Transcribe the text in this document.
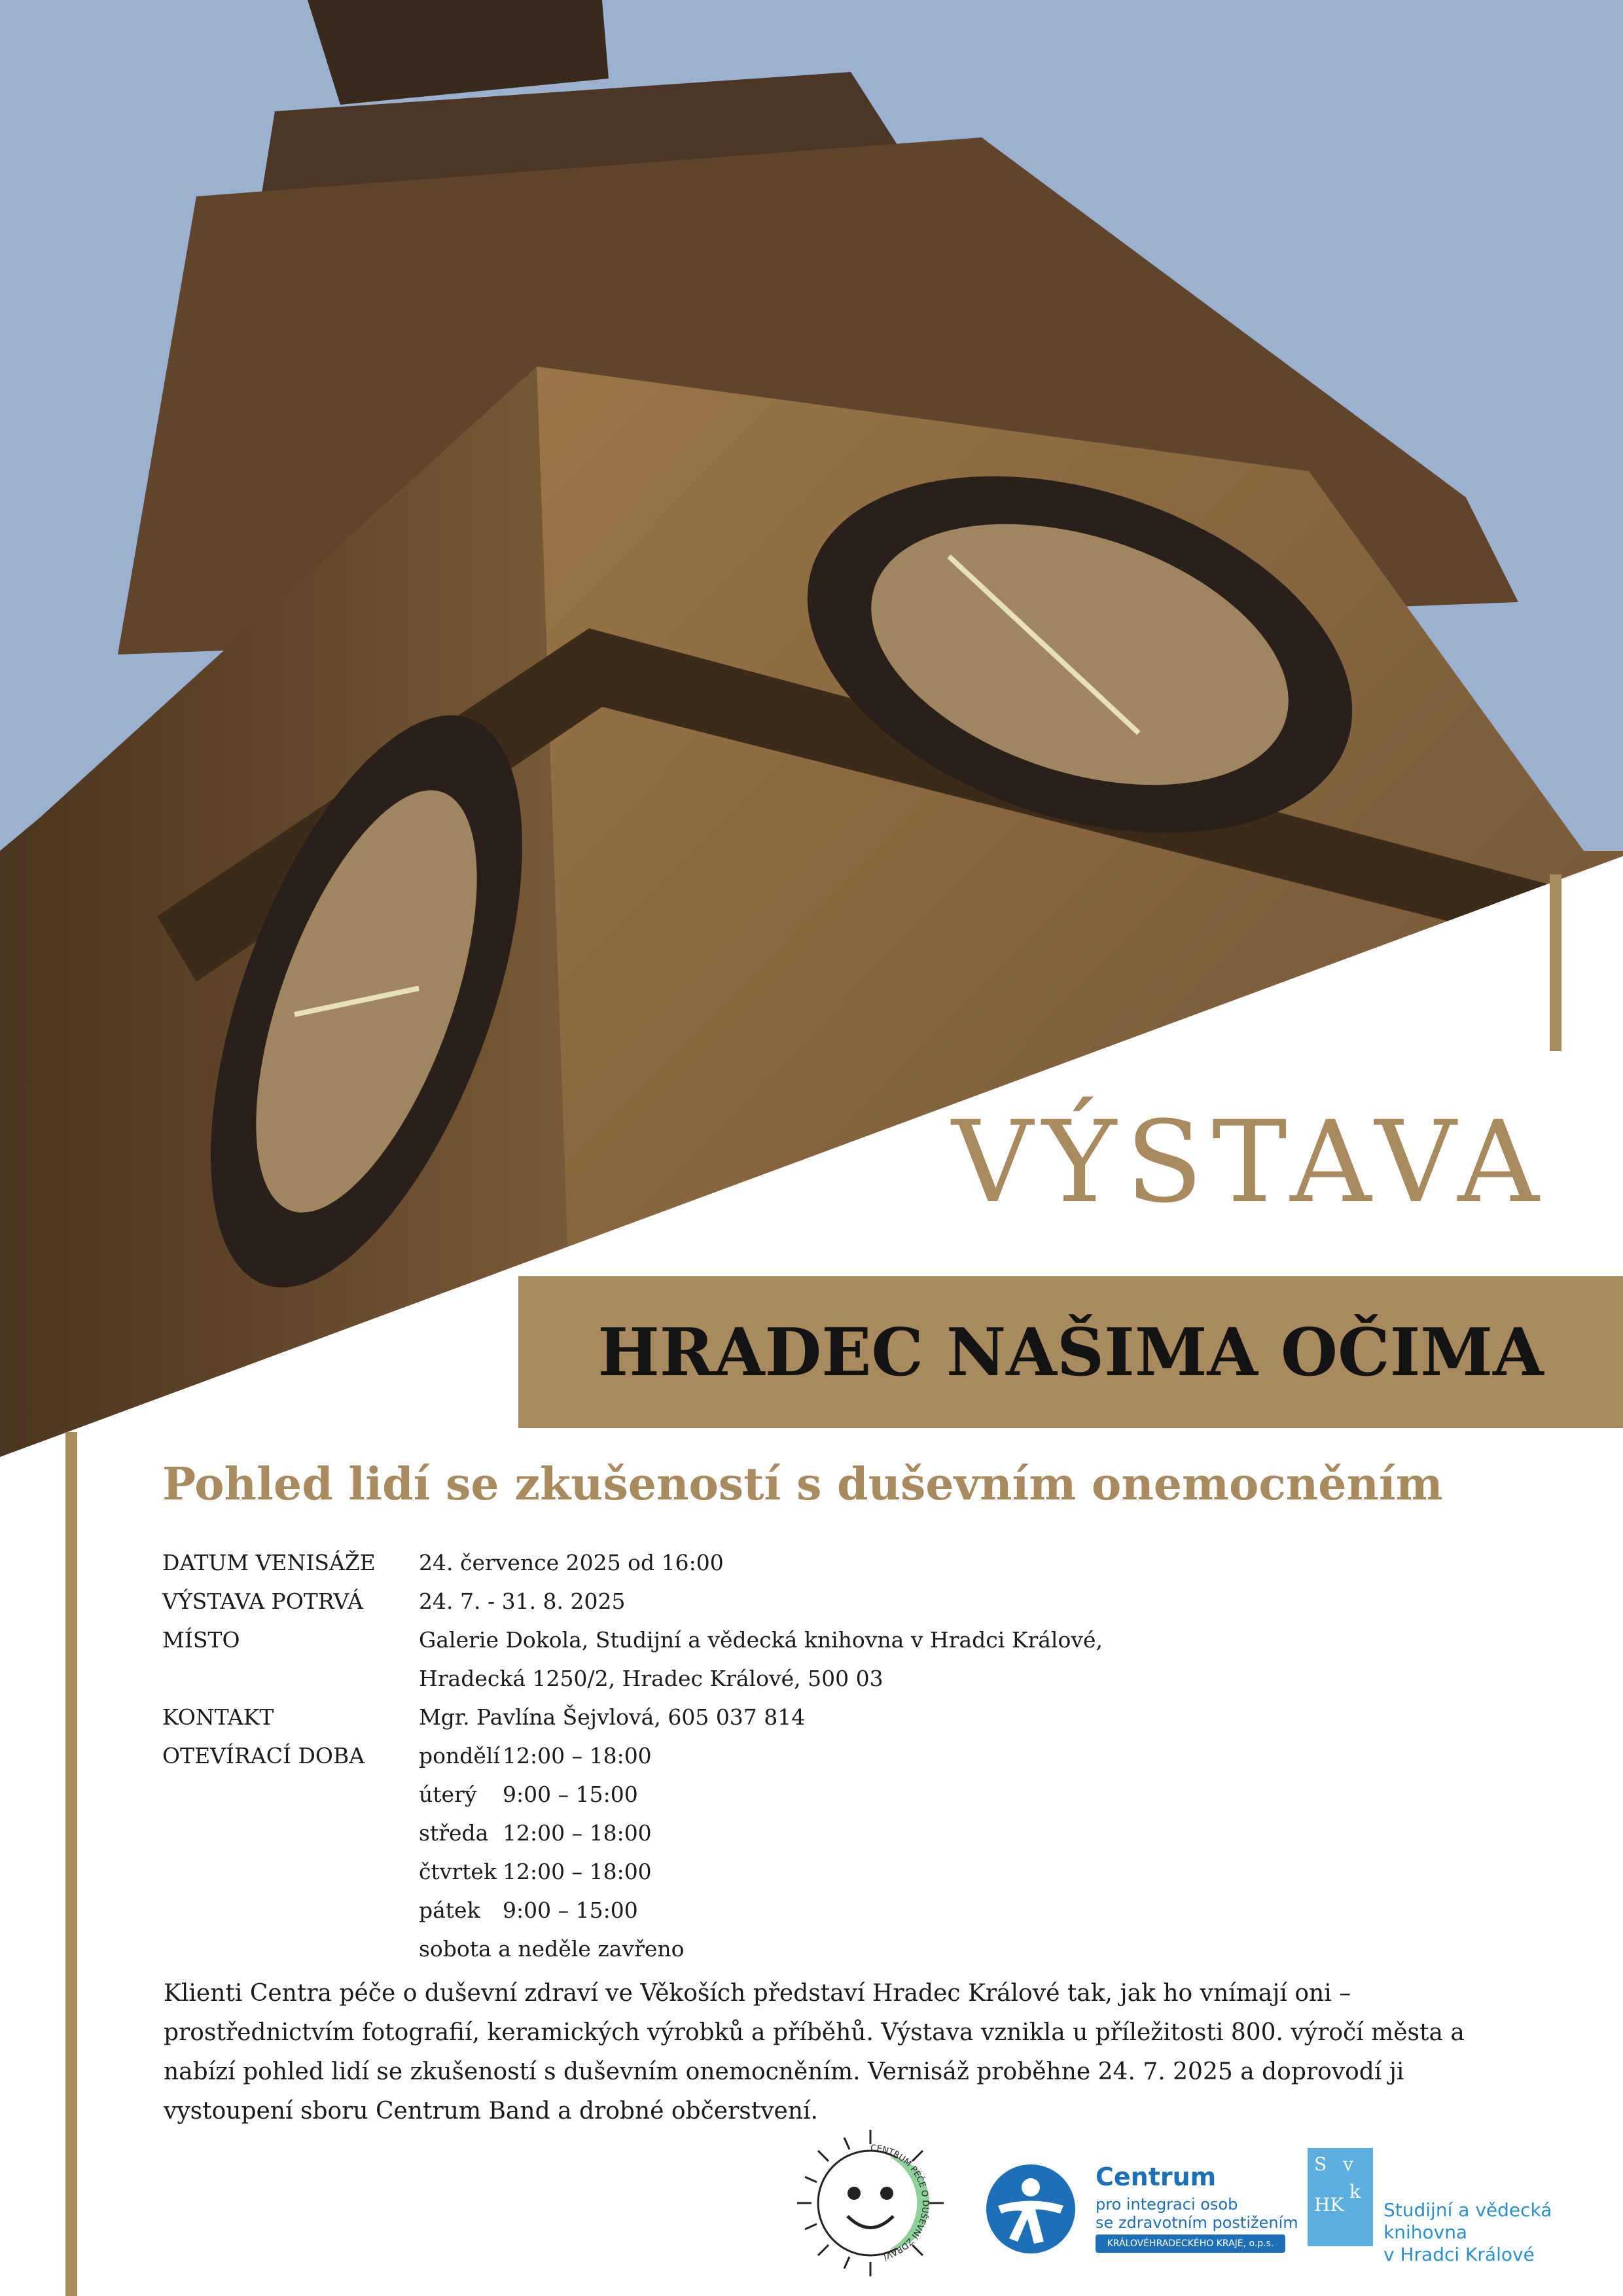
VÝSTAVA
HRADEC NAŠIMA OČIMA
Pohled lidí se zkušeností s duševním onemocněním
DATUM VENISÁŽE 24. července 2025 od 16:00
VÝSTAVA POTRVÁ	24. 7. - 31. 8. 2025
MÍSTO	Galerie Dokola, Studijní a vědecká knihovna v Hradci Králové,
Hradecká 1250/2, Hradec Králové, 500 03
KONTAKT	Mgr. Pavlína Šejvlová, 605 037 814
OTEVÍRACÍ DOBA	pondělí 12:00 – 18:00
úterý 9:00 – 15:00
středa 12:00 – 18:00
čtvrtek 12:00 – 18:00
pátek 9:00 – 15:00
sobota a neděle zavřeno
Klienti Centra péče o duševní zdraví ve Věkoších představí Hradec Králové tak, jak ho vnímají oni – prostřednictvím fotografií, keramických výrobků a příběhů. Výstava vznikla u příležitosti 800. výročí města a nabízí pohled lidí se zkušeností s duševním onemocněním. Vernisáž proběhne 24. 7. 2025 a doprovodí ji vystoupení sboru Centrum Band a drobné občerstvení.
CENTRUM PÉČE O DUŠEVNÍ ZDRAVÍ
Centrum
pro integraci osob
se zdravotním postižením
KRÁLOVÉHRADECKÉHO KRAJE, o.p.s.
S v
k
HK Studijní a vědecká
knihovna
v Hradci Králové
